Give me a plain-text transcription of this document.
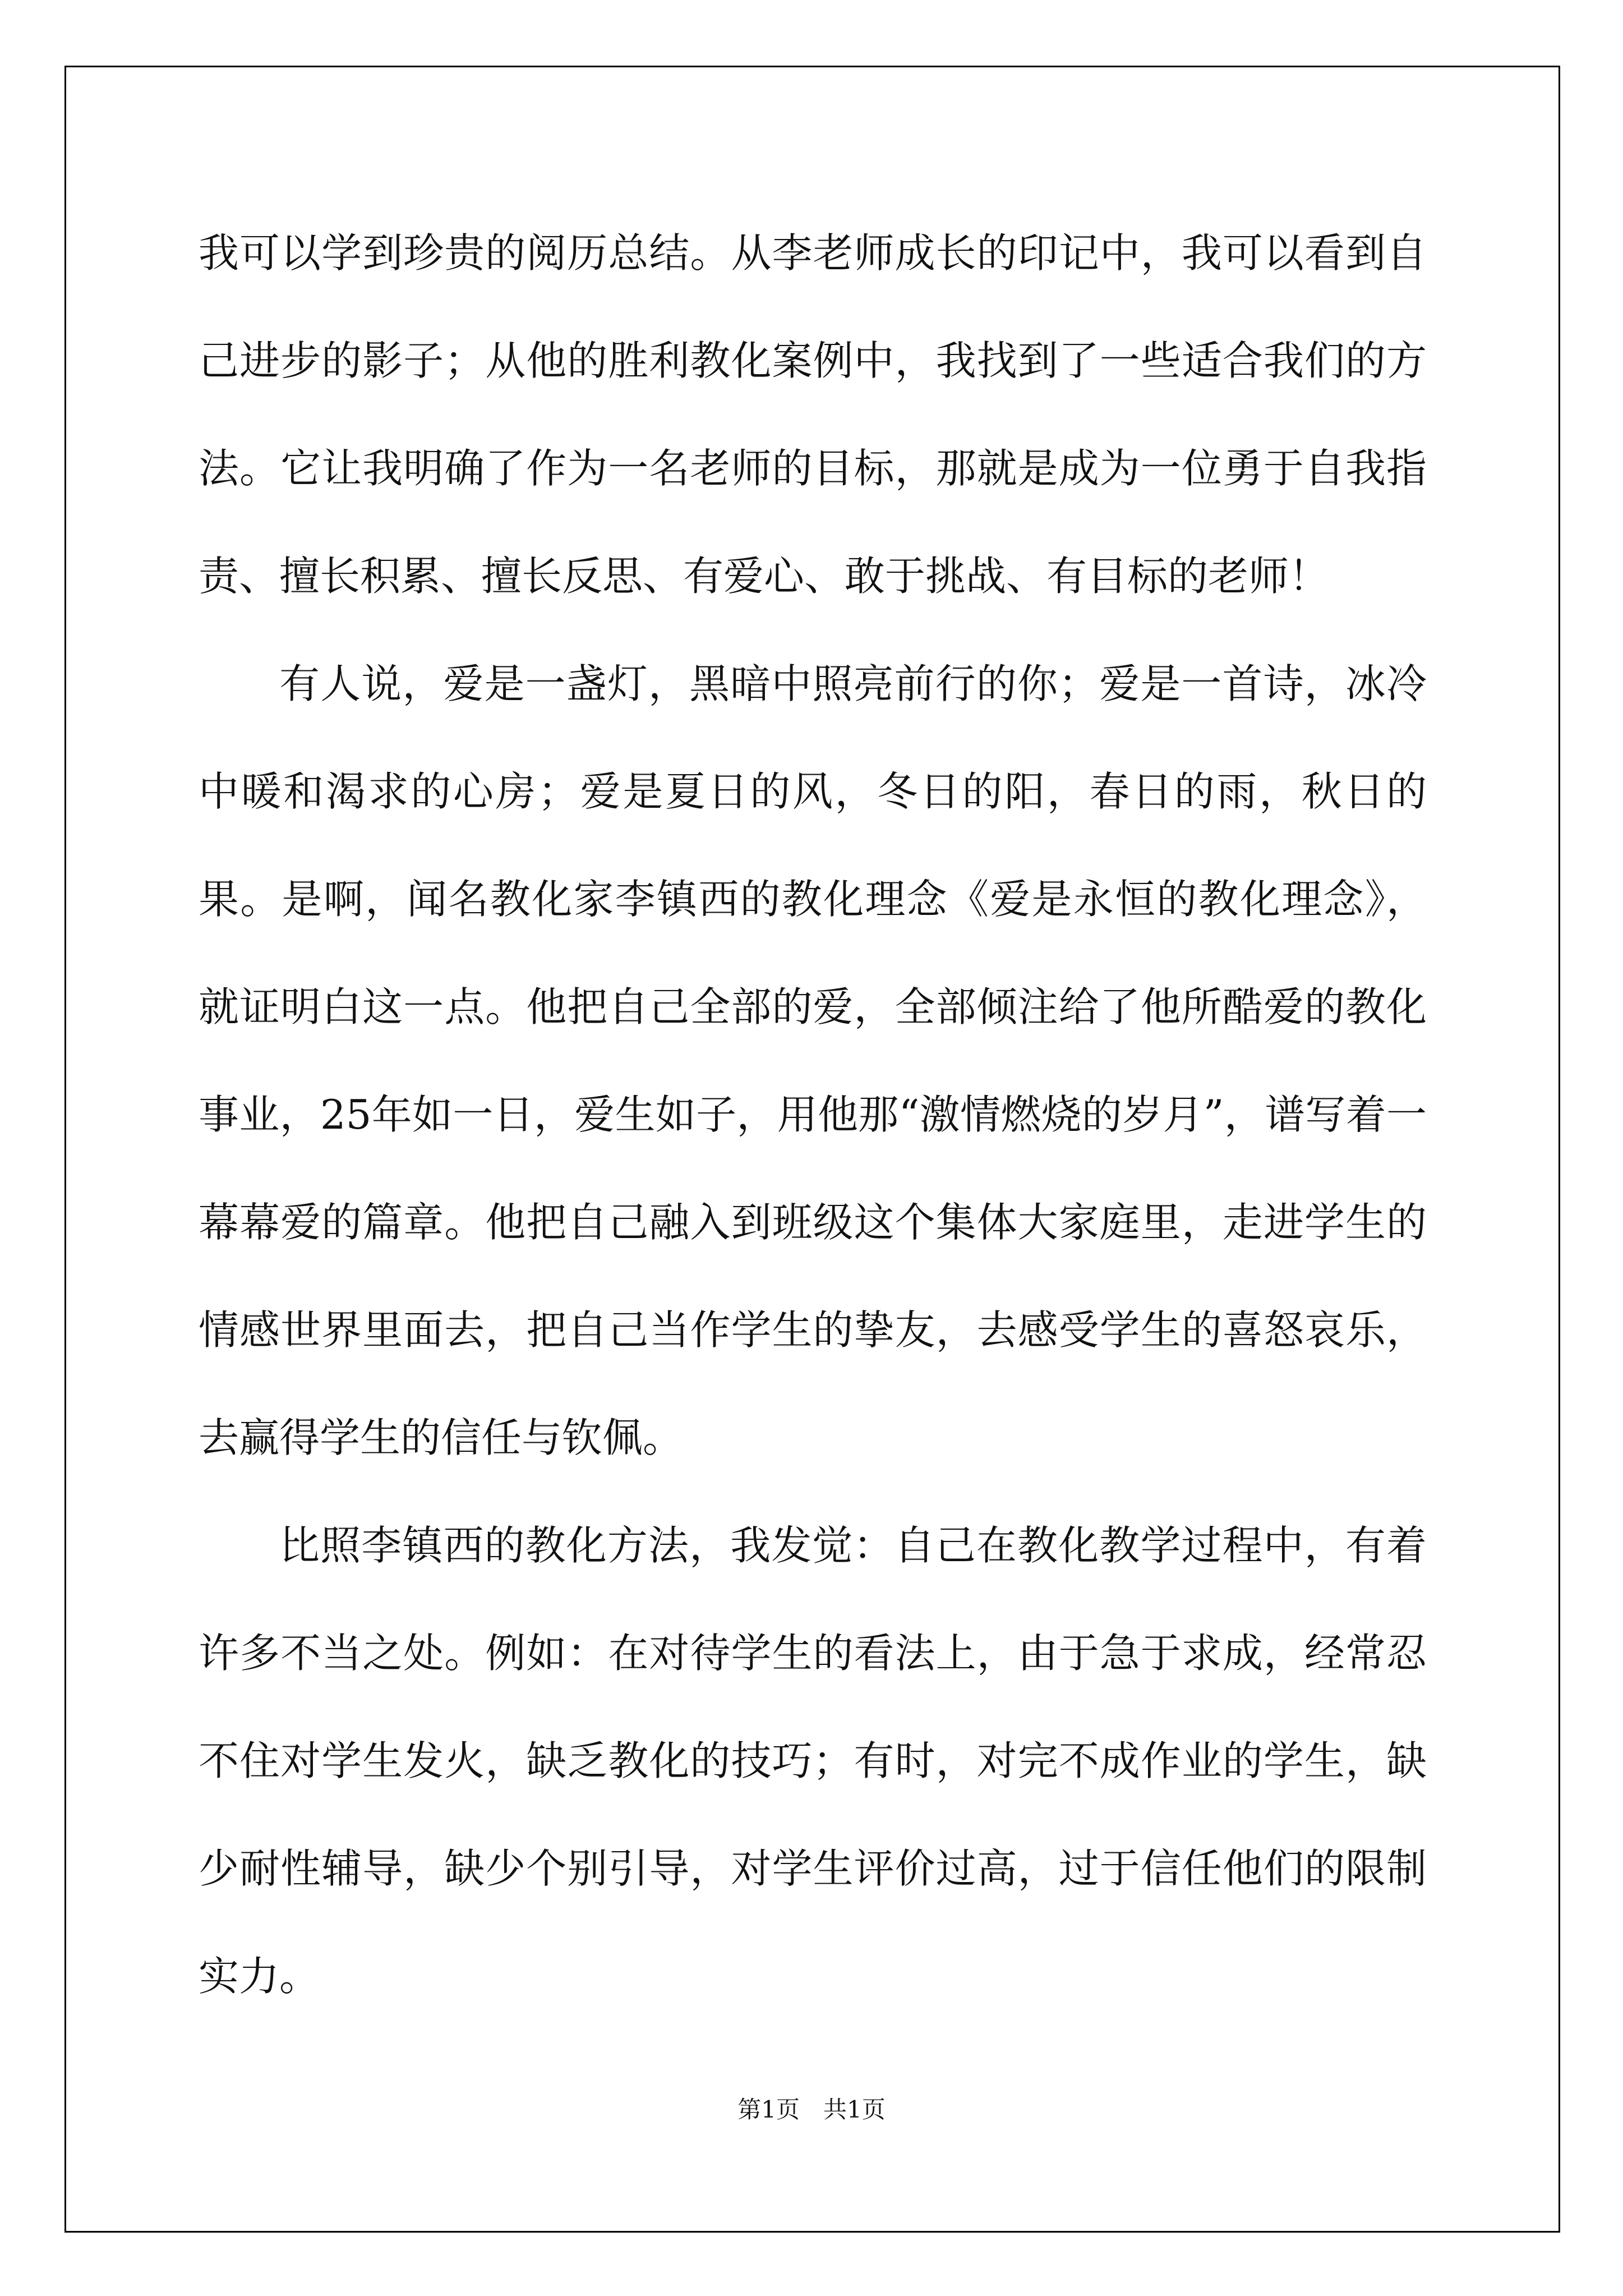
我可以学到珍贵的阅历总结。从李老师成长的印记中，我可以看到自己进步的影子；从他的胜利教化案例中，我找到了一些适合我们的方法。它让我明确了作为一名老师的目标，那就是成为一位勇于自我指责、擅长积累、擅长反思、有爱心、敢于挑战、有目标的老师！

有人说，爱是一盏灯，黑暗中照亮前行的你；爱是一首诗，冰冷中暖和渴求的心房；爱是夏日的风，冬日的阳，春日的雨，秋日的果。是啊，闻名教化家李镇西的教化理念《爱是永恒的教化理念》，就证明白这一点。他把自己全部的爱，全部倾注给了他所酷爱的教化事业，25年如一日，爱生如子，用他那“激情燃烧的岁月”，谱写着一幕幕爱的篇章。他把自己融入到班级这个集体大家庭里，走进学生的情感世界里面去，把自己当作学生的挚友，去感受学生的喜怒哀乐，去赢得学生的信任与钦佩。

比照李镇西的教化方法，我发觉：自己在教化教学过程中，有着许多不当之处。例如：在对待学生的看法上，由于急于求成，经常忍不住对学生发火，缺乏教化的技巧；有时，对完不成作业的学生，缺少耐性辅导，缺少个别引导，对学生评价过高，过于信任他们的限制实力。

第1页　共1页
